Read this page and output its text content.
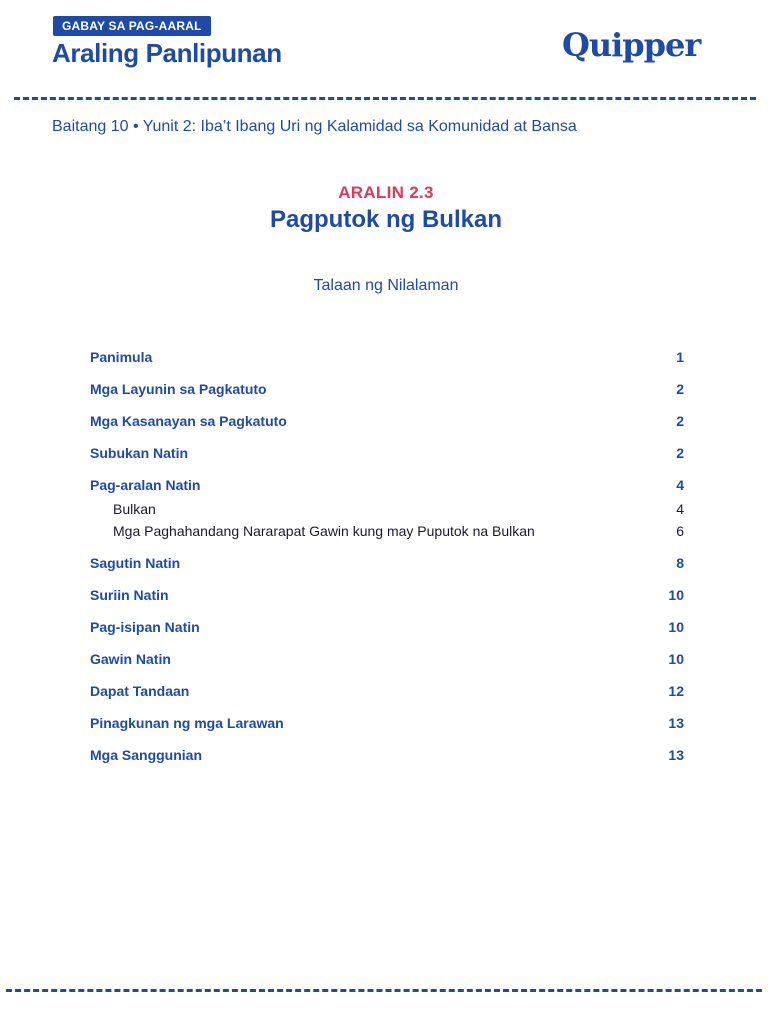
GABAY SA PAG-AARAL
Araling Panlipunan	Quipper

Baitang 10 • Yunit 2: Iba’t Ibang Uri ng Kalamidad sa Komunidad at Bansa

ARALIN 2.3

Pagputok ng Bulkan

Talaan ng Nilalaman

Panimula	1
Mga Layunin sa Pagkatuto	2
Mga Kasanayan sa Pagkatuto	2
Subukan Natin	2
Pag-aralan Natin	4
Bulkan	4
Mga Paghahandang Nararapat Gawin kung may Puputok na Bulkan	6
Sagutin Natin	8
Suriin Natin	10
Pag-isipan Natin	10
Gawin Natin	10
Dapat Tandaan	12
Pinagkunan ng mga Larawan	13
Mga Sanggunian	13
